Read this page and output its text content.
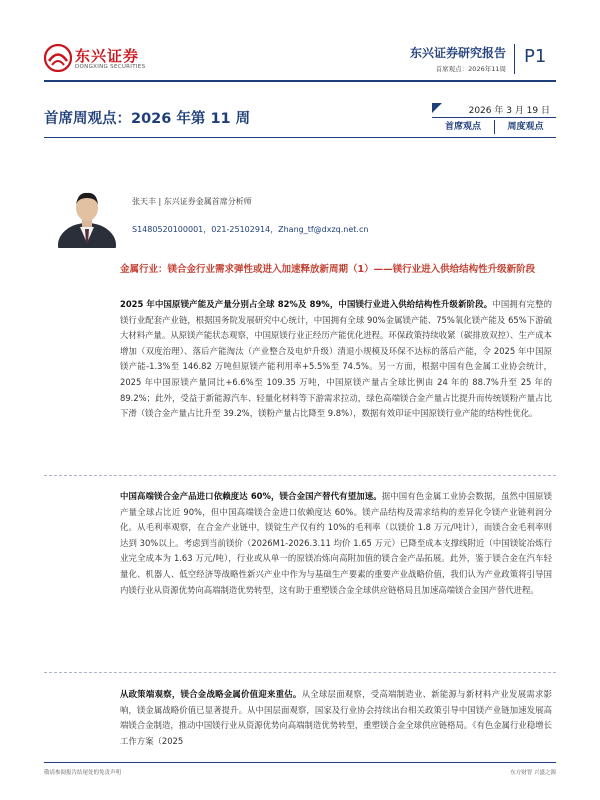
东兴证券
DONGXING SECURITIES
东兴证券研究报告
首席观点：2026年11周
P1
首席周观点：2026 年第 11 周	2026 年 3 月 19 日
首席观点	周度观点
张天丰 | 东兴证券金属首席分析师
S1480520100001，021-25102914，Zhang_tf@dxzq.net.cn
金属行业：镁合金行业需求弹性或进入加速释放新周期（1）——镁行业进入供给结构性升级新阶段
2025 年中国原镁产能及产量分别占全球 82%及 89%，中国镁行业进入供给结构性升级新阶段。中国拥有完整的镁行业配套产业链，根据国务院发展研究中心统计，中国拥有全球 90%金属镁产能、75%氧化镁产能及 65%下游硫大材料产量。从原镁产能状态观察，中国原镁行业正经历产能优化进程。环保政策持续收紧（碳排放双控）、生产成本增加（双度治理）、落后产能淘汰（产业整合及电炉升级）清退小规模及环保不达标的落后产能，令 2025 年中国原镁产能-1.3%至 146.82 万吨但原镁产能利用率+5.5%至 74.5%。另一方面，根据中国有色金属工业协会统计，2025 年中国原镁产量同比+6.6%至 109.35 万吨，中国原镁产量占全球比例由 24 年的 88.7%升至 25 年的 89.2%；此外，受益于新能源汽车、轻量化材料等下游需求拉动，绿色高端镁合金产量占比提升而传统镁粉产量占比下滑（镁合金产量占比升至 39.2%，镁粉产量占比降至 9.8%），数据有效印证中国原镁行业产能的结构性优化。
中国高端镁合金产品进口依赖度达 60%，镁合金国产替代有望加速。据中国有色金属工业协会数据，虽然中国原镁产量全球占比近 90%，但中国高端镁合金进口依赖度达 60%。镁产品结构及需求结构的差异化令镁产业链利润分化。从毛利率观察，在合金产业链中，镁锭生产仅有约 10%的毛利率（以镁价 1.8 万元/吨计），而镁合金毛利率则达到 30%以上。考虑到当前镁价（2026M1-2026.3.11 均价 1.65 万元）已降至成本支撑线附近（中国镁锭冶炼行业完全成本为 1.63 万元/吨），行业或从单一的原镁冶炼向高附加值的镁合金产品拓展。此外，鉴于镁合金在汽车轻量化、机器人、低空经济等战略性新兴产业中作为与基础生产要素的重要产业战略价值，我们认为产业政策将引导国内镁行业从资源优势向高端制造优势转型，这有助于重塑镁合金全球供应链格局且加速高端镁合金国产替代进程。
从政策端观察，镁合金战略金属价值迎来重估。从全球层面观察，受高端制造业、新能源与新材料产业发展需求影响，镁金属战略价值已显著提升。从中国层面观察，国家及行业协会持续出台相关政策引导中国镁产业链加速发展高端镁合金制造，推动中国镁行业从资源优势向高端制造优势转型，重塑镁合金全球供应链格局。《有色金属行业稳增长工作方案（2025
敬请参阅报告结尾处的免责声明	东方财智 兴盛之源
